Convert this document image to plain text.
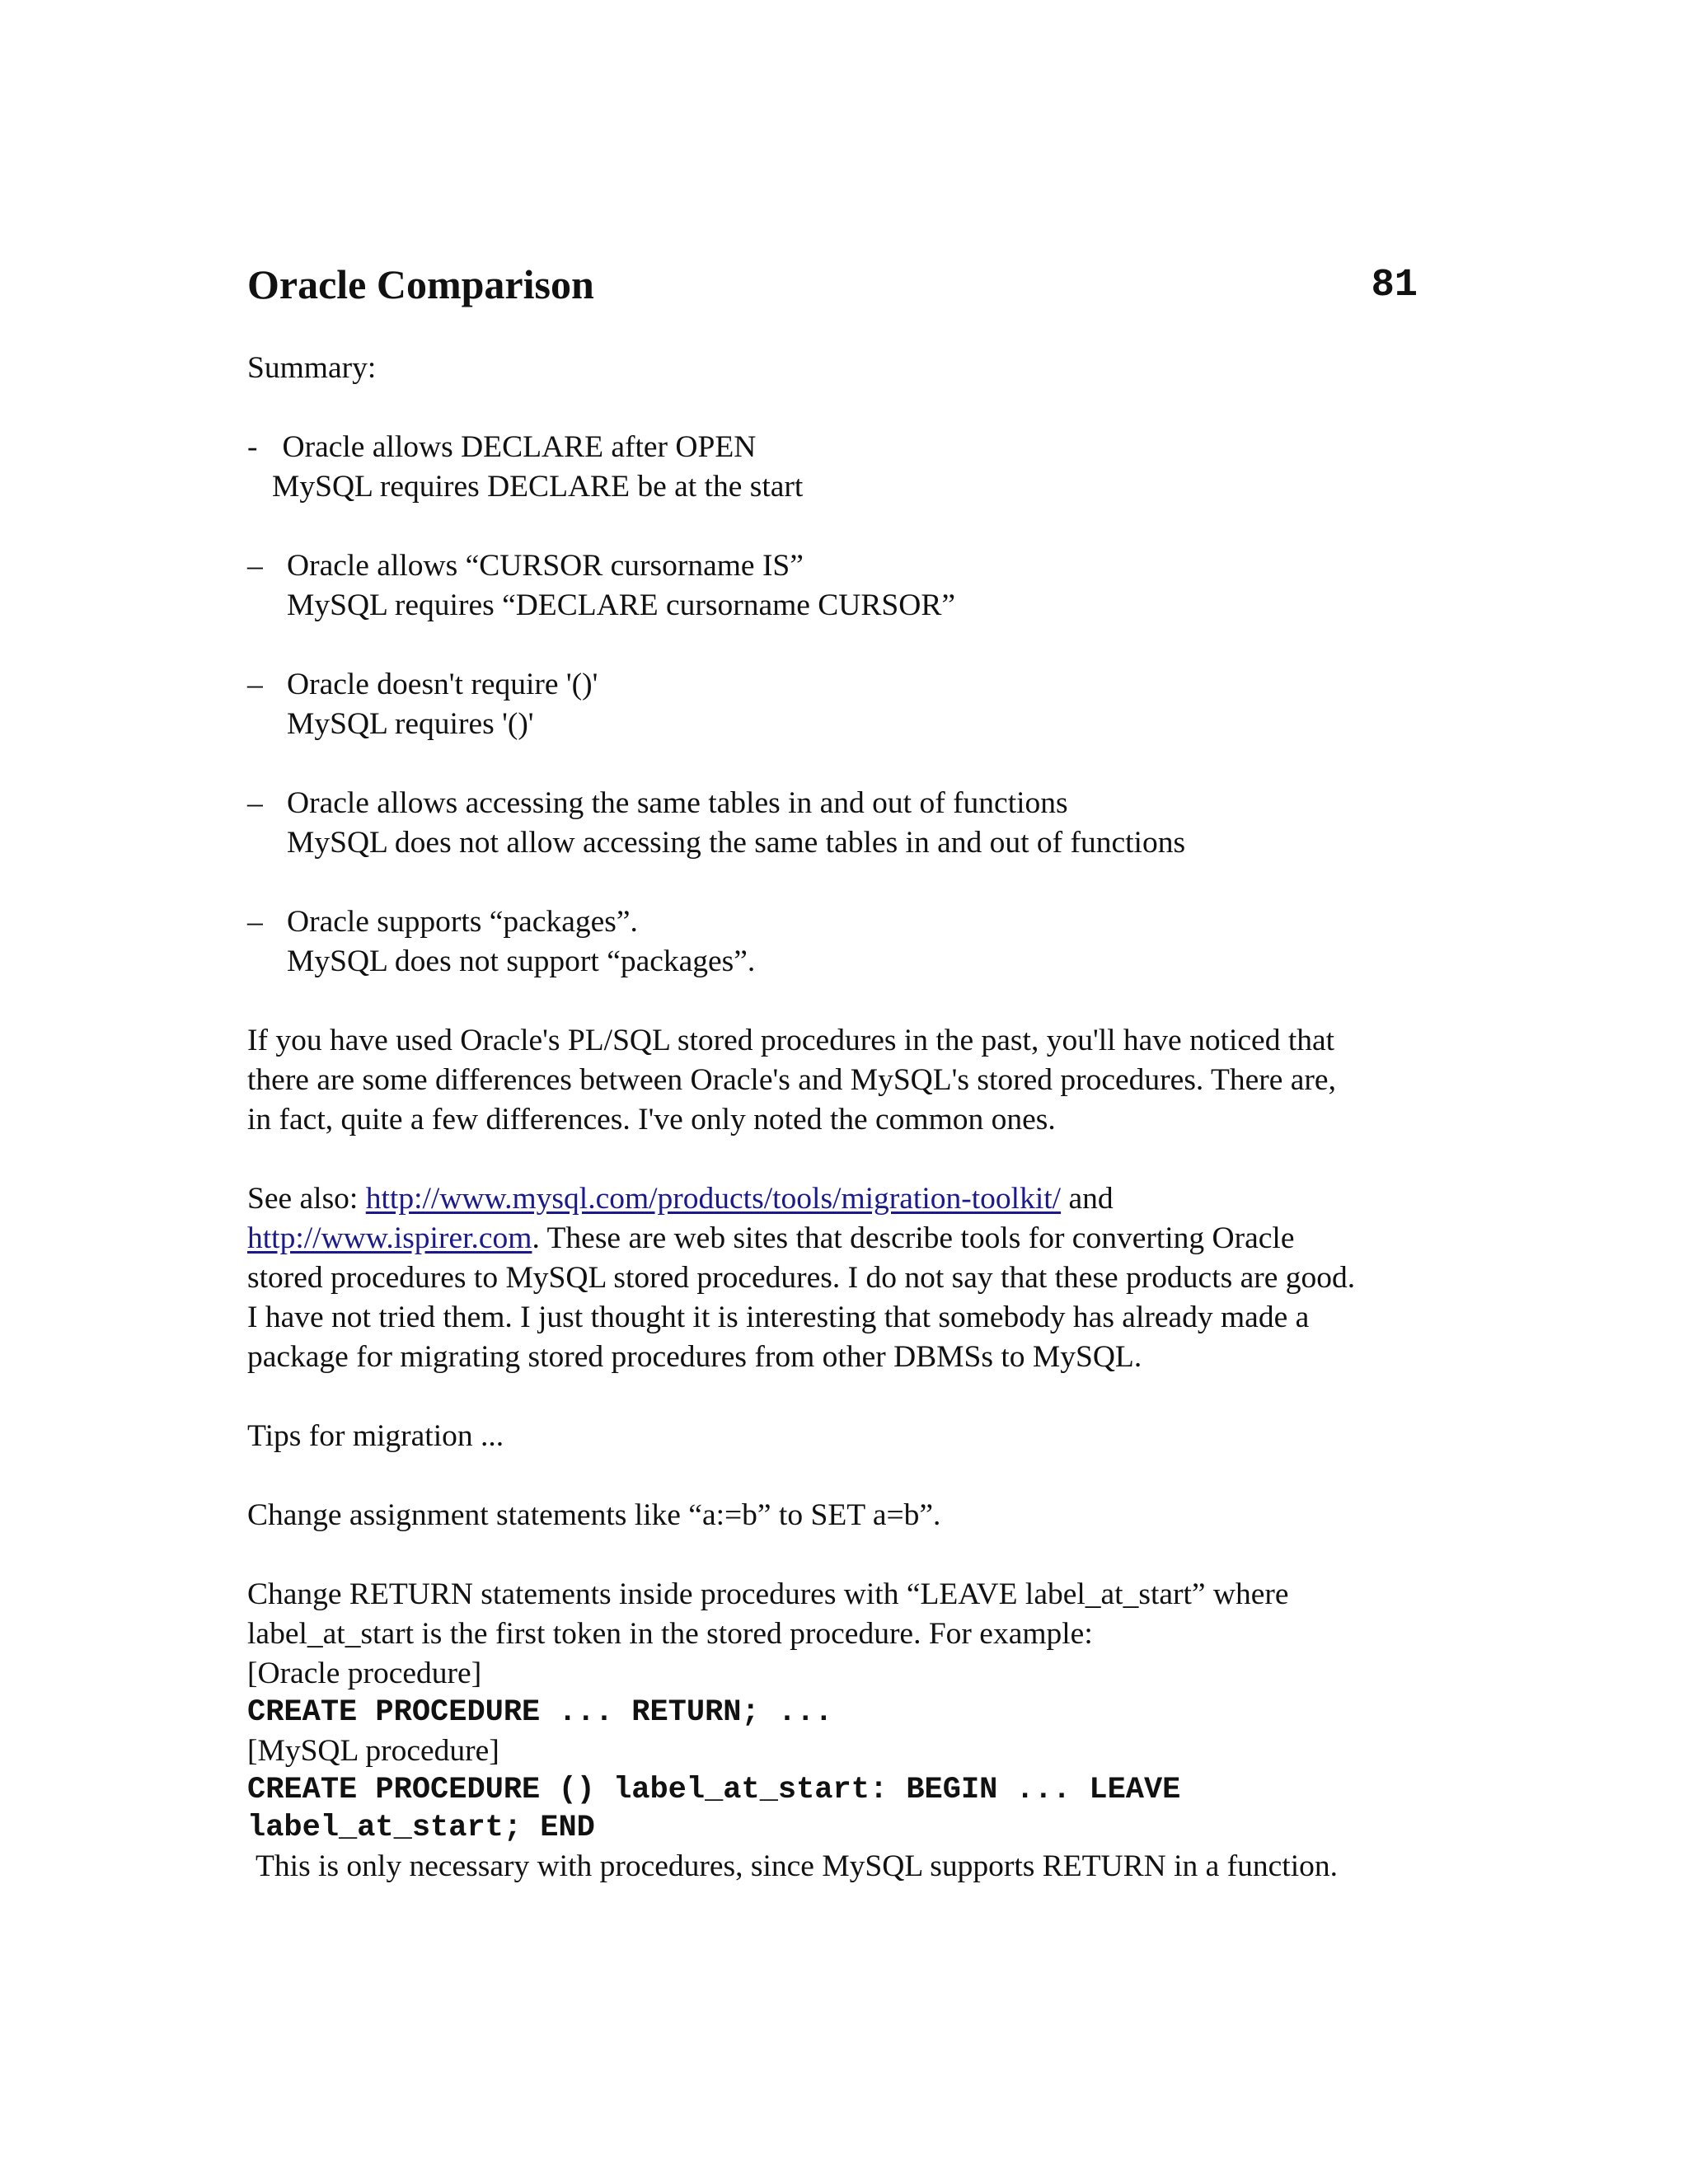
Oracle Comparison	81
Summary:
- Oracle allows DECLARE after OPEN
MySQL requires DECLARE be at the start
– Oracle allows “CURSOR cursorname IS”
MySQL requires “DECLARE cursorname CURSOR”
– Oracle doesn't require '()'
MySQL requires '()'
– Oracle allows accessing the same tables in and out of functions
MySQL does not allow accessing the same tables in and out of functions
– Oracle supports “packages”.
MySQL does not support “packages”.
If you have used Oracle's PL/SQL stored procedures in the past, you'll have noticed that
there are some differences between Oracle's and MySQL's stored procedures. There are,
in fact, quite a few differences. I've only noted the common ones.
See also: http://www.mysql.com/products/tools/migration-toolkit/ and
http://www.ispirer.com. These are web sites that describe tools for converting Oracle
stored procedures to MySQL stored procedures. I do not say that these products are good.
I have not tried them. I just thought it is interesting that somebody has already made a
package for migrating stored procedures from other DBMSs to MySQL.
Tips for migration ...
Change assignment statements like “a:=b” to SET a=b”.
Change RETURN statements inside procedures with “LEAVE label_at_start” where
label_at_start is the first token in the stored procedure. For example:
[Oracle procedure]
CREATE PROCEDURE ... RETURN; ...
[MySQL procedure]
CREATE PROCEDURE () label_at_start: BEGIN ... LEAVE
label_at_start; END
This is only necessary with procedures, since MySQL supports RETURN in a function.
